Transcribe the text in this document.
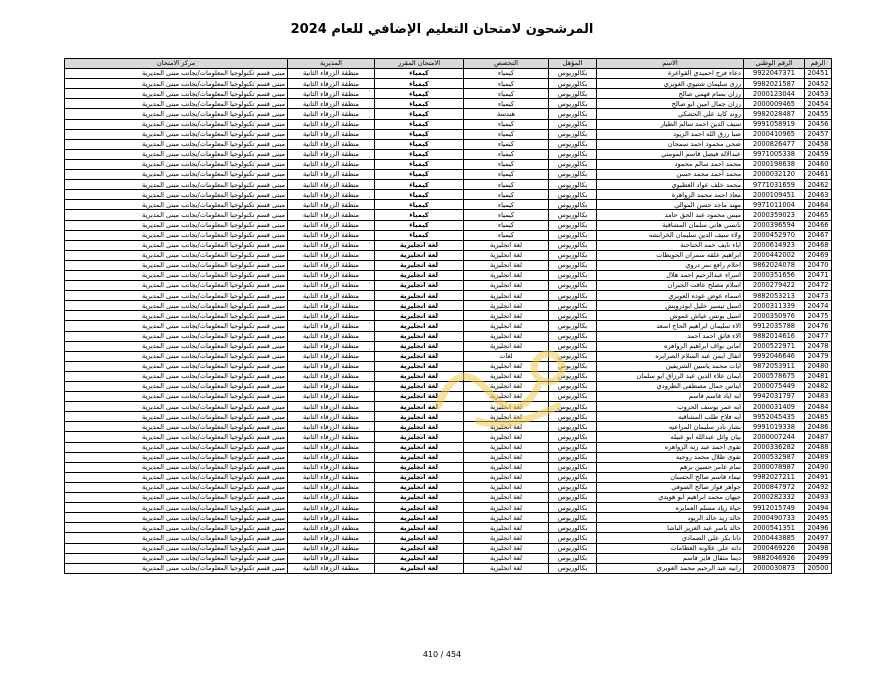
المرشحون لامتحان التعليم الإضافي للعام 2024
الرقم	الرقم الوطني	الاسم	المؤهل	التخصص	الامتحان المقرر	المديرية	مركز الامتحان
20451	9922047371	دعاء فرج احميدي القواعرة	بكالوريوس	كيمياء	كيمياء	منطقة الزرقاء الثانية	مبنى قسم تكنولوجيا المعلومات/بجانب مبنى المديرية
20452	9982021587	رزى سليمان شتيوي الغويري	بكالوريوس	كيمياء	كيمياء	منطقة الزرقاء الثانية	مبنى قسم تكنولوجيا المعلومات/بجانب مبنى المديرية
20453	2000123044	رزان بسام فهمي صالح	بكالوريوس	كيمياء	كيمياء	منطقة الزرقاء الثانية	مبنى قسم تكنولوجيا المعلومات/بجانب مبنى المديرية
20454	2000009465	رزان جمال امين ابو صالح	بكالوريوس	كيمياء	كيمياء	منطقة الزرقاء الثانية	مبنى قسم تكنولوجيا المعلومات/بجانب مبنى المديرية
20455	9982028487	روند كايد علي الحشكي	بكالوريوس	هندسة	كيمياء	منطقة الزرقاء الثانية	مبنى قسم تكنولوجيا المعلومات/بجانب مبنى المديرية
20456	9991058919	سيف الدين احمد سالم الطيار	بكالوريوس	كيمياء	كيمياء	منطقة الزرقاء الثانية	مبنى قسم تكنولوجيا المعلومات/بجانب مبنى المديرية
20457	2000410965	صبا رزق الله احمد الزيود	بكالوريوس	كيمياء	كيمياء	منطقة الزرقاء الثانية	مبنى قسم تكنولوجيا المعلومات/بجانب مبنى المديرية
20458	2000826477	ضحى محمود احمد سمحان	بكالوريوس	كيمياء	كيمياء	منطقة الزرقاء الثانية	مبنى قسم تكنولوجيا المعلومات/بجانب مبنى المديرية
20459	9971005338	عبدالاله فيصل قاسم المومني	بكالوريوس	كيمياء	كيمياء	منطقة الزرقاء الثانية	مبنى قسم تكنولوجيا المعلومات/بجانب مبنى المديرية
20460	2000198638	محمد احمد سالم محمود	بكالوريوس	كيمياء	كيمياء	منطقة الزرقاء الثانية	مبنى قسم تكنولوجيا المعلومات/بجانب مبنى المديرية
20461	2000032120	محمد أحمد محمد حسن	بكالوريوس	كيمياء	كيمياء	منطقة الزرقاء الثانية	مبنى قسم تكنولوجيا المعلومات/بجانب مبنى المديرية
20462	9771031659	محمد خلف عواد العطيوي	بكالوريوس	كيمياء	كيمياء	منطقة الزرقاء الثانية	مبنى قسم تكنولوجيا المعلومات/بجانب مبنى المديرية
20463	2000109451	معاذ احمد محمد الزواهرة	بكالوريوس	كيمياء	كيمياء	منطقة الزرقاء الثانية	مبنى قسم تكنولوجيا المعلومات/بجانب مبنى المديرية
20464	9971011004	مهند ماجد حسن الموالي	بكالوريوس	كيمياء	كيمياء	منطقة الزرقاء الثانية	مبنى قسم تكنولوجيا المعلومات/بجانب مبنى المديرية
20465	2000359023	ميس محمود عبد الحق حامد	بكالوريوس	كيمياء	كيمياء	منطقة الزرقاء الثانية	مبنى قسم تكنولوجيا المعلومات/بجانب مبنى المديرية
20466	2000396594	نانسي هاني سلمان المشاقبة	بكالوريوس	كيمياء	كيمياء	منطقة الزرقاء الثانية	مبنى قسم تكنولوجيا المعلومات/بجانب مبنى المديرية
20467	2000452970	ولاء سيف الدين سليمان الخرابشه	بكالوريوس	كيمياء	كيمياء	منطقة الزرقاء الثانية	مبنى قسم تكنولوجيا المعلومات/بجانب مبنى المديرية
20468	2000614923	اباء نايف حمد الحناحنة	بكالوريوس	لغة انجليزية	لغة انجليزية	منطقة الزرقاء الثانية	مبنى قسم تكنولوجيا المعلومات/بجانب مبنى المديرية
20469	2000442002	ابراهيم علقه سمران الحويطات	بكالوريوس	لغة انجليزية	لغة انجليزية	منطقة الزرقاء الثانية	مبنى قسم تكنولوجيا المعلومات/بجانب مبنى المديرية
20470	9862024078	احلام رافع نمر دروي	بكالوريوس	لغة انجليزية	لغة انجليزية	منطقة الزرقاء الثانية	مبنى قسم تكنولوجيا المعلومات/بجانب مبنى المديرية
20471	2000351656	اسراء عبدالرحيم احمد هلال	بكالوريوس	لغة انجليزية	لغة انجليزية	منطقة الزرقاء الثانية	مبنى قسم تكنولوجيا المعلومات/بجانب مبنى المديرية
20472	2000279422	اسلام مصلح عاقت الجبران	بكالوريوس	لغة انجليزية	لغة انجليزية	منطقة الزرقاء الثانية	مبنى قسم تكنولوجيا المعلومات/بجانب مبنى المديرية
20473	9882053213	اسماء عوض عوده الغويري	بكالوريوس	لغة انجليزية	لغة انجليزية	منطقة الزرقاء الثانية	مبنى قسم تكنولوجيا المعلومات/بجانب مبنى المديرية
20474	2000311339	اسيل تيسير خليل ابودرويش	بكالوريوس	لغة انجليزية	لغة انجليزية	منطقة الزرقاء الثانية	مبنى قسم تكنولوجيا المعلومات/بجانب مبنى المديرية
20475	2000350976	اسيل يونس عياش عموش	بكالوريوس	لغة انجليزية	لغة انجليزية	منطقة الزرقاء الثانية	مبنى قسم تكنولوجيا المعلومات/بجانب مبنى المديرية
20476	9912035788	الاء سليمان ابراهيم الحاج اسعد	بكالوريوس	لغة انجليزية	لغة انجليزية	منطقة الزرقاء الثانية	مبنى قسم تكنولوجيا المعلومات/بجانب مبنى المديرية
20477	9882014616	الاء فائق احمد احمد	بكالوريوس	لغة انجليزية	لغة انجليزية	منطقة الزرقاء الثانية	مبنى قسم تكنولوجيا المعلومات/بجانب مبنى المديرية
20478	2000522971	اماني نواف ابراهيم الزواهره	بكالوريوس	لغة انجليزية	لغة انجليزية	منطقة الزرقاء الثانية	مبنى قسم تكنولوجيا المعلومات/بجانب مبنى المديرية
20479	9992046646	انفال ايمن عبد السلام الصرايره	بكالوريوس	لغات	لغة انجليزية	منطقة الزرقاء الثانية	مبنى قسم تكنولوجيا المعلومات/بجانب مبنى المديرية
20480	9872053911	ايات محمد ياسين الشريفين	بكالوريوس	لغة انجليزية	لغة انجليزية	منطقة الزرقاء الثانية	مبنى قسم تكنولوجيا المعلومات/بجانب مبنى المديرية
20481	2000578675	ايمان علاء الدين عبد الرزاق ابو سلمان	بكالوريوس	لغة انجليزية	لغة انجليزية	منطقة الزرقاء الثانية	مبنى قسم تكنولوجيا المعلومات/بجانب مبنى المديرية
20482	2000075449	ايناس جمال مصطفى الطرودي	بكالوريوس	لغة انجليزية	لغة انجليزية	منطقة الزرقاء الثانية	مبنى قسم تكنولوجيا المعلومات/بجانب مبنى المديرية
20483	9942031797	ايه اياد قاسم قاسم	بكالوريوس	لغة انجليزية	لغة انجليزية	منطقة الزرقاء الثانية	مبنى قسم تكنولوجيا المعلومات/بجانب مبنى المديرية
20484	2000031409	ايه عمر يوسف الحروب	بكالوريوس	لغة انجليزية	لغة انجليزية	منطقة الزرقاء الثانية	مبنى قسم تكنولوجيا المعلومات/بجانب مبنى المديرية
20485	9952045435	ايه فلاح طلب المشاقبه	بكالوريوس	لغة انجليزية	لغة انجليزية	منطقة الزرقاء الثانية	مبنى قسم تكنولوجيا المعلومات/بجانب مبنى المديرية
20486	9991019338	بشار نادر سليمان المراعيه	بكالوريوس	لغة انجليزية	لغة انجليزية	منطقة الزرقاء الثانية	مبنى قسم تكنولوجيا المعلومات/بجانب مبنى المديرية
20487	2000007244	بيان وائل عبدالله ابو عبيله	بكالوريوس	لغة انجليزية	لغة انجليزية	منطقة الزرقاء الثانية	مبنى قسم تكنولوجيا المعلومات/بجانب مبنى المديرية
20488	2000336282	تقوى احمد عبد ربه الزواهره	بكالوريوس	لغة انجليزية	لغة انجليزية	منطقة الزرقاء الثانية	مبنى قسم تكنولوجيا المعلومات/بجانب مبنى المديرية
20489	2000532987	تقوى طلال محمد روحيه	بكالوريوس	لغة انجليزية	لغة انجليزية	منطقة الزرقاء الثانية	مبنى قسم تكنولوجيا المعلومات/بجانب مبنى المديرية
20490	2000078987	تمام عامر حسين برهم	بكالوريوس	لغة انجليزية	لغة انجليزية	منطقة الزرقاء الثانية	مبنى قسم تكنولوجيا المعلومات/بجانب مبنى المديرية
20491	9982027211	تيماء قاسم صالح الحسبان	بكالوريوس	لغة انجليزية	لغة انجليزية	منطقة الزرقاء الثانية	مبنى قسم تكنولوجيا المعلومات/بجانب مبنى المديرية
20492	2000847972	جواهر فواز صالح الصوفي	بكالوريوس	لغة انجليزية	لغة انجليزية	منطقة الزرقاء الثانية	مبنى قسم تكنولوجيا المعلومات/بجانب مبنى المديرية
20493	2000282332	جيهان محمد ابراهيم ابو هويدي	بكالوريوس	لغة انجليزية	لغة انجليزية	منطقة الزرقاء الثانية	مبنى قسم تكنولوجيا المعلومات/بجانب مبنى المديرية
20494	9912015749	حياة زياد مسلم العمايره	بكالوريوس	لغة انجليزية	لغة انجليزية	منطقة الزرقاء الثانية	مبنى قسم تكنولوجيا المعلومات/بجانب مبنى المديرية
20495	2000490733	خالد زيد خالد الزيود	بكالوريوس	لغة انجليزية	لغة انجليزية	منطقة الزرقاء الثانية	مبنى قسم تكنولوجيا المعلومات/بجانب مبنى المديرية
20496	2000541351	خالد ياسر عبد العزيز الباشا	بكالوريوس	لغة انجليزية	لغة انجليزية	منطقة الزرقاء الثانية	مبنى قسم تكنولوجيا المعلومات/بجانب مبنى المديرية
20497	2000443885	دانا بكر علي الصمادي	بكالوريوس	لغة انجليزية	لغة انجليزية	منطقة الزرقاء الثانية	مبنى قسم تكنولوجيا المعلومات/بجانب مبنى المديرية
20498	2000469226	دانه علي علاونه العطامات	بكالوريوس	لغة انجليزية	لغة انجليزية	منطقة الزرقاء الثانية	مبنى قسم تكنولوجيا المعلومات/بجانب مبنى المديرية
20499	9882046926	ديما مثقال فايز قاسم	بكالوريوس	لغة انجليزية	لغة انجليزية	منطقة الزرقاء الثانية	مبنى قسم تكنولوجيا المعلومات/بجانب مبنى المديرية
20500	2000030873	رانيه عبد الرحيم محمد الغويري	بكالوريوس	لغة انجليزية	لغة انجليزية	منطقة الزرقاء الثانية	مبنى قسم تكنولوجيا المعلومات/بجانب مبنى المديرية
410 / 454
